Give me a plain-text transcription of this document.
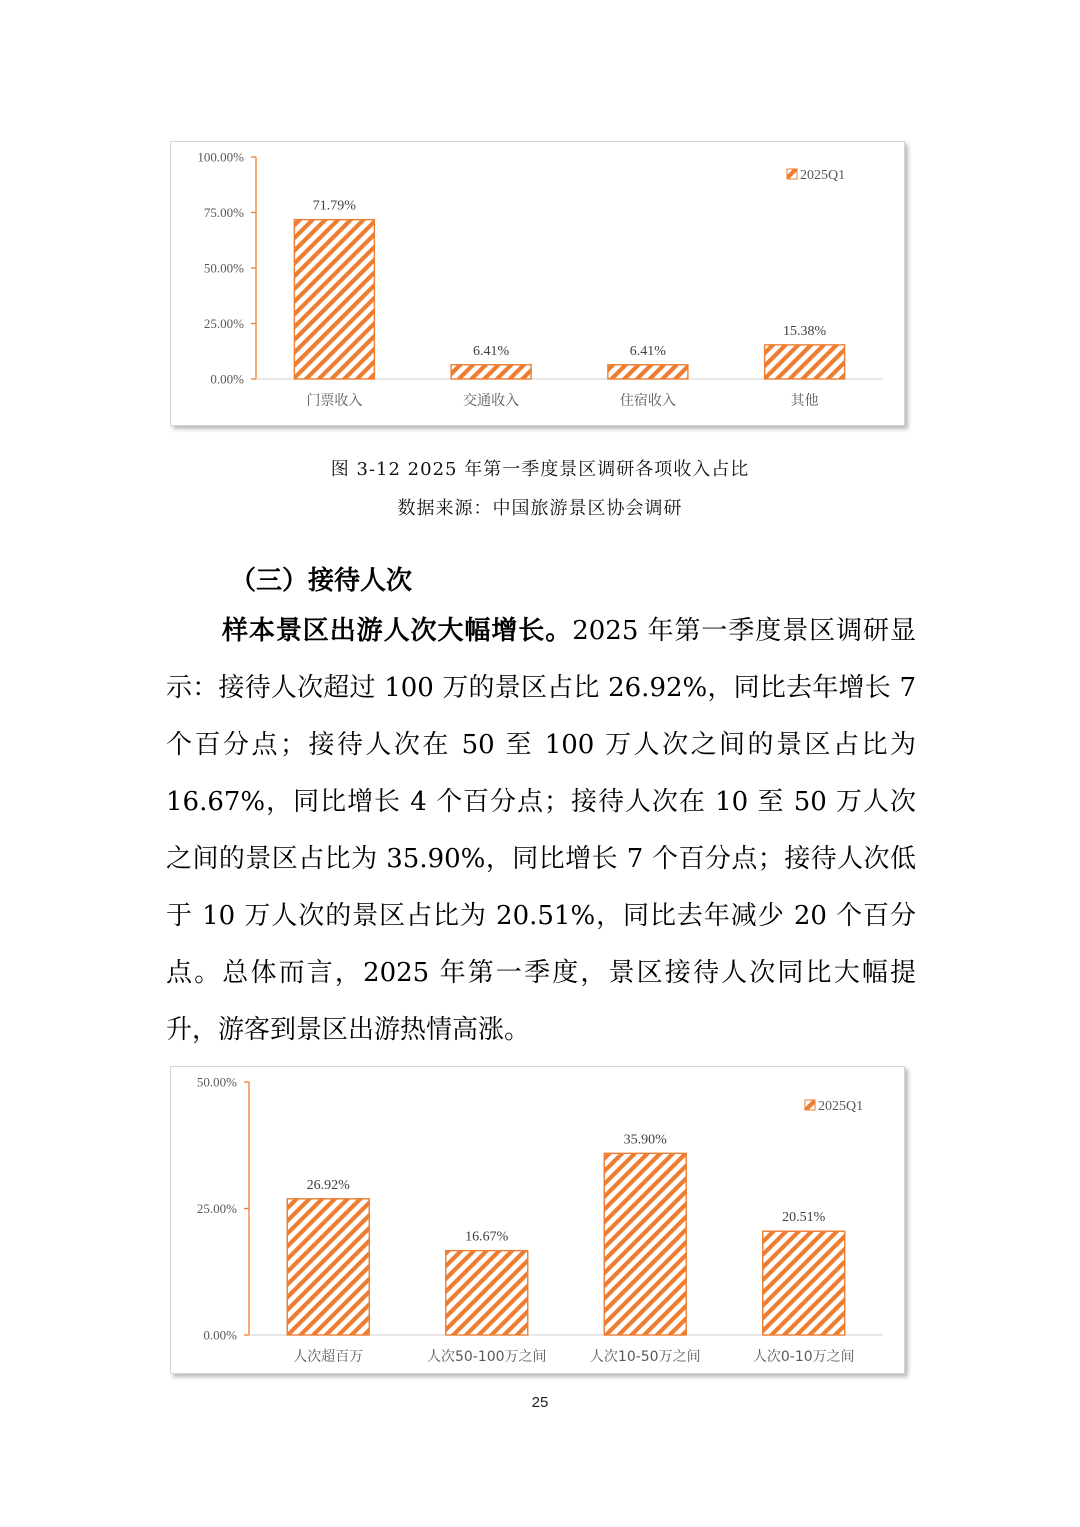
0.00%
25.00%
50.00%
75.00%
100.00%
71.79%
门票收入
6.41%
交通收入
6.41%
住宿收入
15.38%
其他
2025Q1
图 3-12 2025 年第一季度景区调研各项收入占比
数据来源：中国旅游景区协会调研
（三）接待人次

样本景区出游人次大幅增长。2025 年第一季度景区调研显示：接待人次超过 100 万的景区占比 26.92%，同比去年增长 7 个百分点；接待人次在 50 至 100 万人次之间的景区占比为 16.67%，同比增长 4 个百分点；接待人次在 10 至 50 万人次之间的景区占比为 35.90%，同比增长 7 个百分点；接待人次低于 10 万人次的景区占比为 20.51%，同比去年减少 20 个百分点。总体而言，2025 年第一季度，景区接待人次同比大幅提升，游客到景区出游热情高涨。

0.00%
25.00%
50.00%
26.92%
人次超百万
16.67%
人次50-100万之间
35.90%
人次10-50万之间
20.51%
人次0-10万之间
2025Q1
25
